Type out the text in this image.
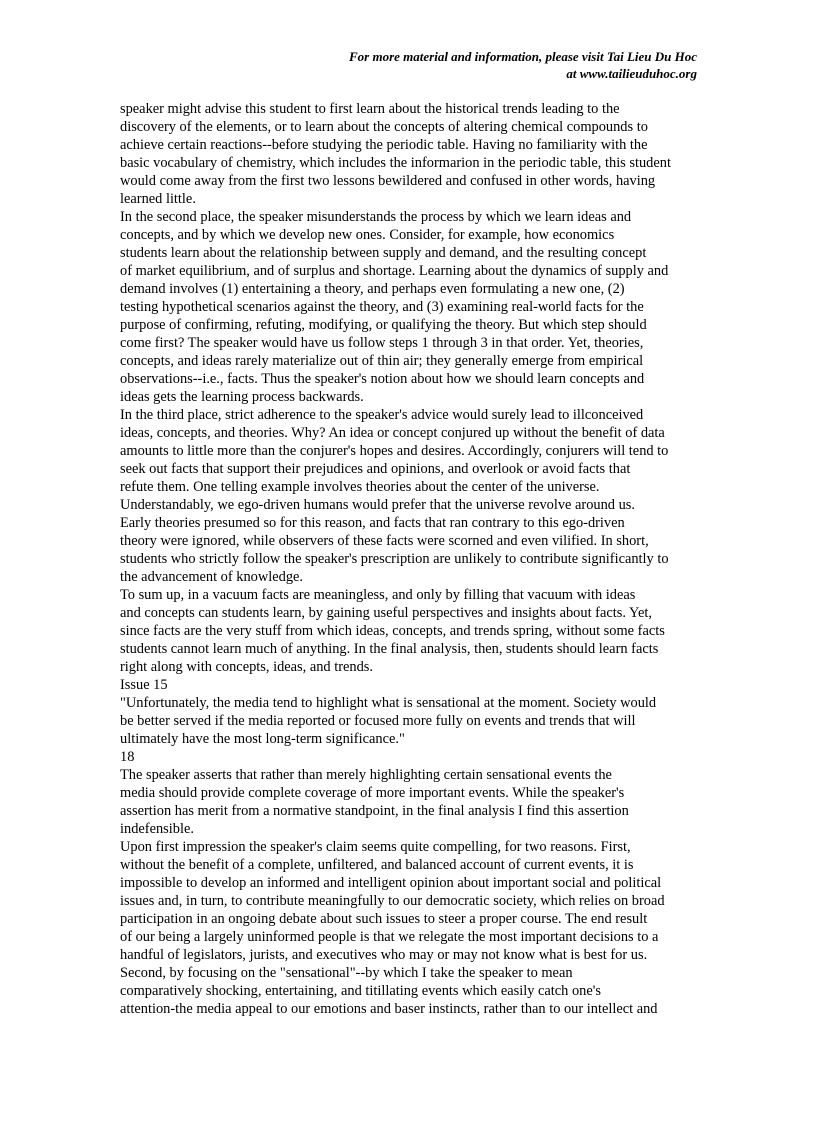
For more material and information, please visit Tai Lieu Du Hoc
at www.tailieuduhoc.org
speaker might advise this student to first learn about the historical trends leading to the
discovery of the elements, or to learn about the concepts of altering chemical compounds to
achieve certain reactions--before studying the periodic table. Having no familiarity with the
basic vocabulary of chemistry, which includes the informarion in the periodic table, this student
would come away from the first two lessons bewildered and confused in other words, having
learned little.
In the second place, the speaker misunderstands the process by which we learn ideas and
concepts, and by which we develop new ones. Consider, for example, how economics
students learn about the relationship between supply and demand, and the resulting concept
of market equilibrium, and of surplus and shortage. Learning about the dynamics of supply and
demand involves (1) entertaining a theory, and perhaps even formulating a new one, (2)
testing hypothetical scenarios against the theory, and (3) examining real-world facts for the
purpose of confirming, refuting, modifying, or qualifying the theory. But which step should
come first? The speaker would have us follow steps 1 through 3 in that order. Yet, theories,
concepts, and ideas rarely materialize out of thin air; they generally emerge from empirical
observations--i.e., facts. Thus the speaker's notion about how we should learn concepts and
ideas gets the learning process backwards.
In the third place, strict adherence to the speaker's advice would surely lead to illconceived
ideas, concepts, and theories. Why? An idea or concept conjured up without the benefit of data
amounts to little more than the conjurer's hopes and desires. Accordingly, conjurers will tend to
seek out facts that support their prejudices and opinions, and overlook or avoid facts that
refute them. One telling example involves theories about the center of the universe.
Understandably, we ego-driven humans would prefer that the universe revolve around us.
Early theories presumed so for this reason, and facts that ran contrary to this ego-driven
theory were ignored, while observers of these facts were scorned and even vilified. In short,
students who strictly follow the speaker's prescription are unlikely to contribute significantly to
the advancement of knowledge.
To sum up, in a vacuum facts are meaningless, and only by filling that vacuum with ideas
and concepts can students learn, by gaining useful perspectives and insights about facts. Yet,
since facts are the very stuff from which ideas, concepts, and trends spring, without some facts
students cannot learn much of anything. In the final analysis, then, students should learn facts
right along with concepts, ideas, and trends.
Issue 15
"Unfortunately, the media tend to highlight what is sensational at the moment. Society would
be better served if the media reported or focused more fully on events and trends that will
ultimately have the most long-term significance."
18
The speaker asserts that rather than merely highlighting certain sensational events the
media should provide complete coverage of more important events. While the speaker's
assertion has merit from a normative standpoint, in the final analysis I find this assertion
indefensible.
Upon first impression the speaker's claim seems quite compelling, for two reasons. First,
without the benefit of a complete, unfiltered, and balanced account of current events, it is
impossible to develop an informed and intelligent opinion about important social and political
issues and, in turn, to contribute meaningfully to our democratic society, which relies on broad
participation in an ongoing debate about such issues to steer a proper course. The end result
of our being a largely uninformed people is that we relegate the most important decisions to a
handful of legislators, jurists, and executives who may or may not know what is best for us.
Second, by focusing on the "sensational"--by which I take the speaker to mean
comparatively shocking, entertaining, and titillating events which easily catch one's
attention-the media appeal to our emotions and baser instincts, rather than to our intellect and
